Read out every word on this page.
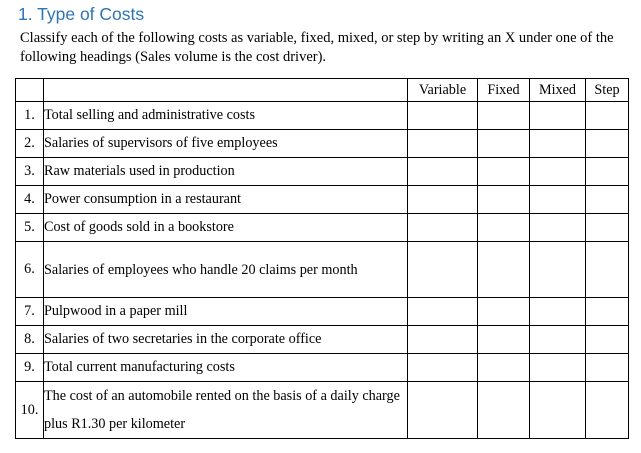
1. Type of Costs
Classify each of the following costs as variable, fixed, mixed, or step by writing an X under one of the following headings (Sales volume is the cost driver).
		Variable	Fixed	Mixed	Step
1.	Total selling and administrative costs				
2.	Salaries of supervisors of five employees				
3.	Raw materials used in production				
4.	Power consumption in a restaurant				
5.	Cost of goods sold in a bookstore				
6.	Salaries of employees who handle 20 claims per month				

7.	Pulpwood in a paper mill				
8.	Salaries of two secretaries in the corporate office				
9.	Total current manufacturing costs				
10.	The cost of an automobile rented on the basis of a daily charge plus R1.30 per kilometer				
